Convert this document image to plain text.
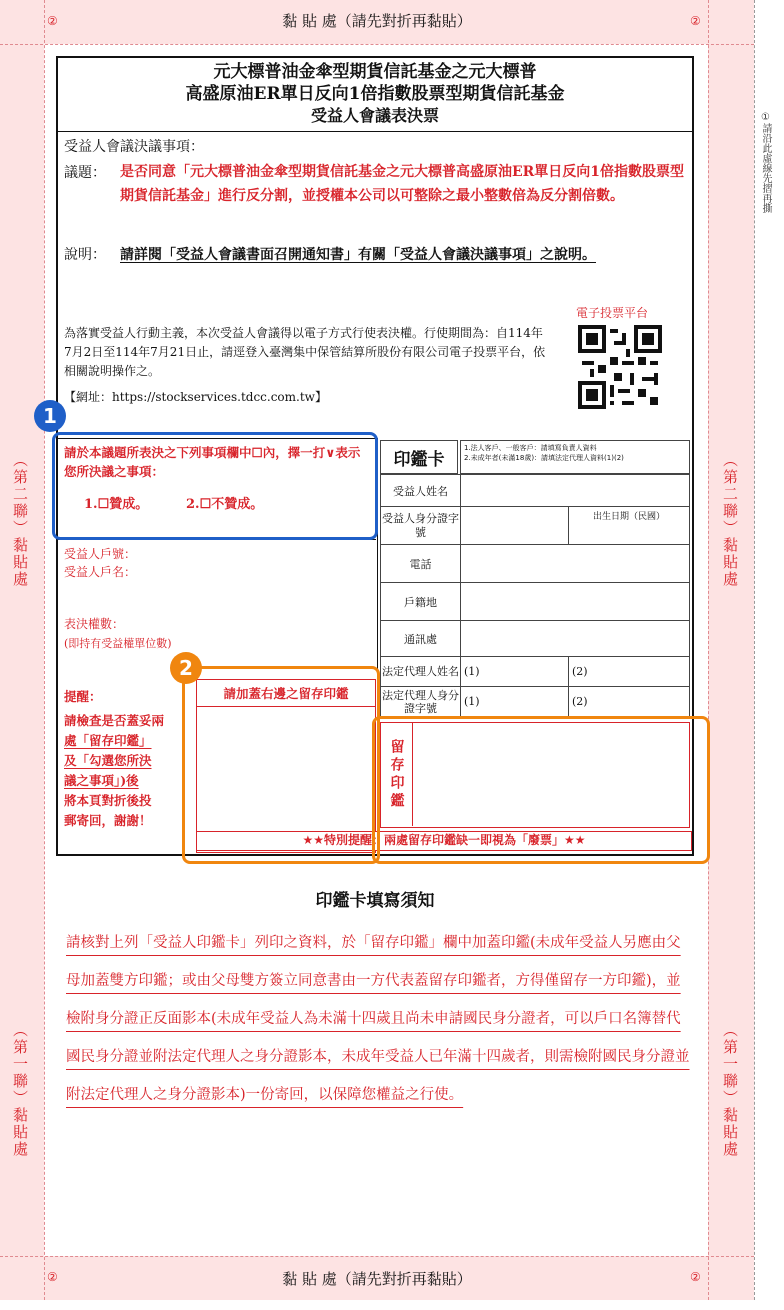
黏 貼 處（請先對折再黏貼）
黏 貼 處（請先對折再黏貼）
②	②
②	②
①請沿此虛線先摺再撕
（第二聯）黏貼處
（第一聯）黏貼處
（第二聯）黏貼處
（第一聯）黏貼處
元大標普油金傘型期貨信託基金之元大標普
高盛原油ER單日反向1倍指數股票型期貨信託基金
受益人會議表決票
受益人會議決議事項：
議題： 是否同意「元大標普油金傘型期貨信託基金之元大標普高盛原油ER單日反向1倍指數股票型期貨信託基金」進行反分割，並授權本公司以可整除之最小整數倍為反分割倍數。
說明： 請詳閱「受益人會議書面召開通知書」有關「受益人會議決議事項」之說明。
電子投票平台
為落實受益人行動主義，本次受益人會議得以電子方式行使表決權。行使期間為：自114年7月2日至114年7月21日止，請逕登入臺灣集中保管結算所股份有限公司電子投票平台，依相關說明操作之。
【網址：https://stockservices.tdcc.com.tw】
請於本議題所表決之下列事項欄中☐內，擇一打∨表示您所決議之事項：
1.☐贊成。	2.☐不贊成。
受益人戶號：
受益人戶名：
表決權數：
(即持有受益權單位數)
提醒：
請檢查是否蓋妥兩
處「留存印鑑」
及「勾選您所決
議之事項」)後
將本頁對折後投
郵寄回，謝謝！
請加蓋右邊之留存印鑑
印鑑卡
1.法人客戶、一般客戶：請填寫負責人資料
2.未成年者(未滿18歲)：請填法定代理人資料(1)(2)
受益人姓名		
受益人身分證字號		出生日期（民國）
電話		
戶籍地		
通訊處		
法定代理人姓名	(1)	(2)
法定代理人身分證字號	(1)	(2)
留存印鑑
★★特別提醒：兩處留存印鑑缺一即視為「廢票」★★
1
2
印鑑卡填寫須知
請核對上列「受益人印鑑卡」列印之資料，於「留存印鑑」欄中加蓋印鑑(未成年受益人另應由父母加蓋雙方印鑑；或由父母雙方簽立同意書由一方代表蓋留存印鑑者，方得僅留存一方印鑑)，並檢附身分證正反面影本(未成年受益人為未滿十四歲且尚未申請國民身分證者，可以戶口名簿替代國民身分證並附法定代理人之身分證影本，未成年受益人已年滿十四歲者，則需檢附國民身分證並附法定代理人之身分證影本)一份寄回，以保障您權益之行使。
